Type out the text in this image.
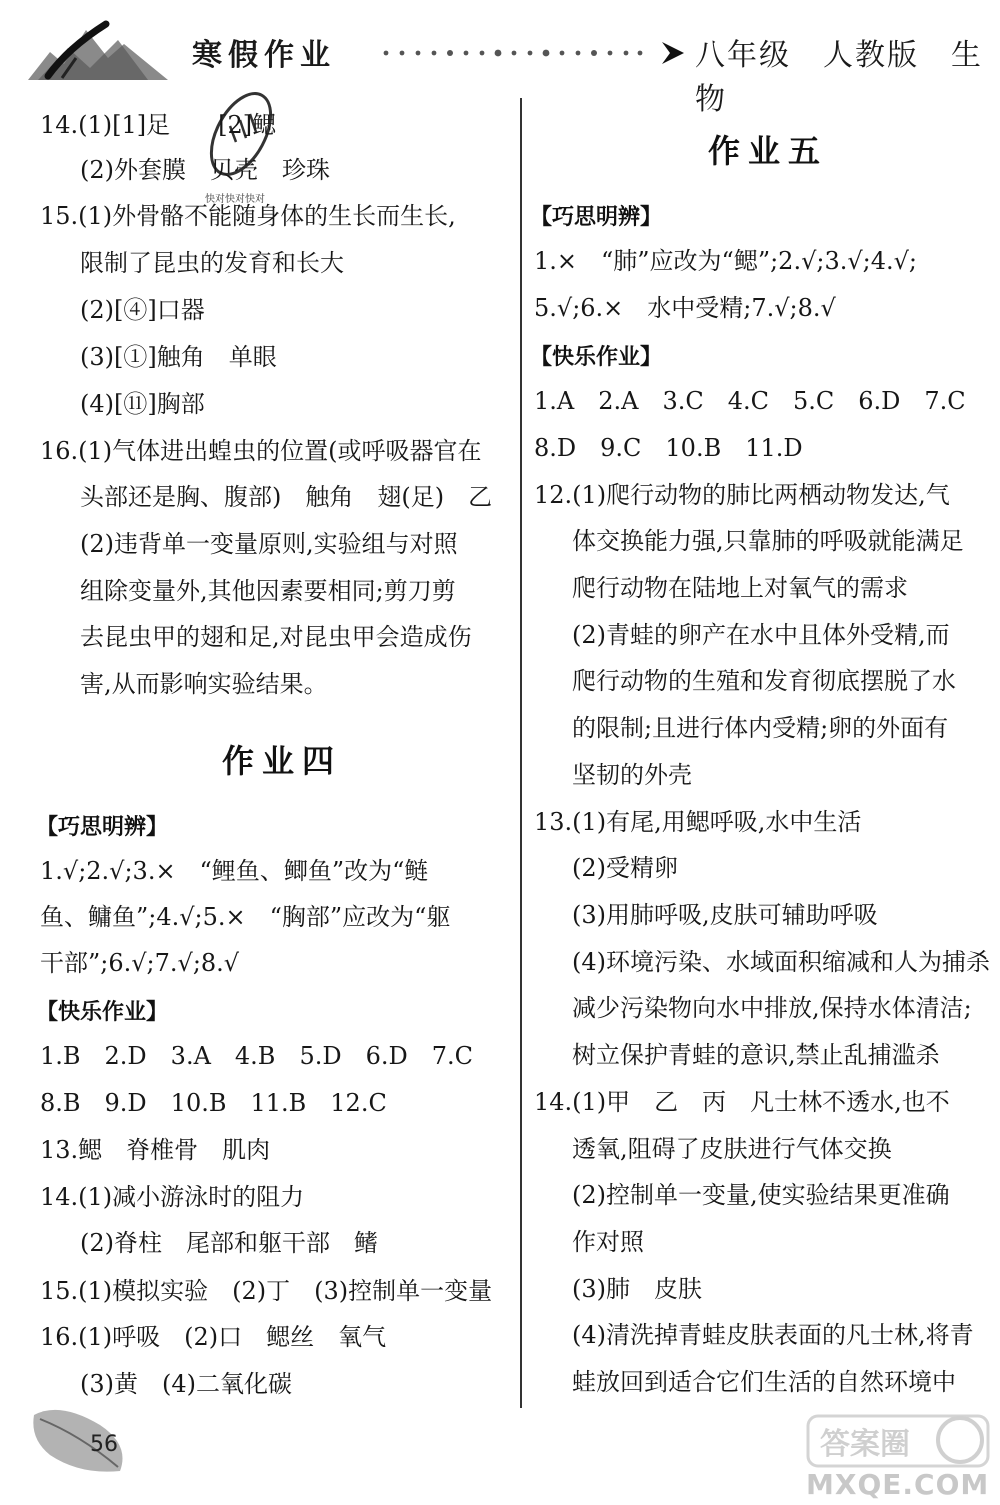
寒假作业	八年级　人教版　生物
快对快对快对
14.(1)[1]足　　[2]鳃
(2)外套膜　贝壳　珍珠
15.(1)外骨骼不能随身体的生长而生长,
限制了昆虫的发育和长大
(2)[④]口器
(3)[①]触角　单眼
(4)[⑪]胸部
16.(1)气体进出蝗虫的位置(或呼吸器官在
头部还是胸、腹部)　触角　翅(足)　乙
(2)违背单一变量原则,实验组与对照
组除变量外,其他因素要相同;剪刀剪
去昆虫甲的翅和足,对昆虫甲会造成伤
害,从而影响实验结果。
作业四
【巧思明辨】
1.√;2.√;3.×　“鲤鱼、鲫鱼”改为“鲢
鱼、鳙鱼”;4.√;5.×　“胸部”应改为“躯
干部”;6.√;7.√;8.√
【快乐作业】
1.B　2.D　3.A　4.B　5.D　6.D　7.C
8.B　9.D　10.B　11.B　12.C
13.鳃　脊椎骨　肌肉
14.(1)减小游泳时的阻力
(2)脊柱　尾部和躯干部　鳍
15.(1)模拟实验　(2)丁　(3)控制单一变量
16.(1)呼吸　(2)口　鳃丝　氧气
(3)黄　(4)二氧化碳
作业五
【巧思明辨】
1.×　“肺”应改为“鳃”;2.√;3.√;4.√;
5.√;6.×　水中受精;7.√;8.√
【快乐作业】
1.A　2.A　3.C　4.C　5.C　6.D　7.C
8.D　9.C　10.B　11.D
12.(1)爬行动物的肺比两栖动物发达,气
体交换能力强,只靠肺的呼吸就能满足
爬行动物在陆地上对氧气的需求
(2)青蛙的卵产在水中且体外受精,而
爬行动物的生殖和发育彻底摆脱了水
的限制;且进行体内受精;卵的外面有
坚韧的外壳
13.(1)有尾,用鳃呼吸,水中生活
(2)受精卵
(3)用肺呼吸,皮肤可辅助呼吸
(4)环境污染、水域面积缩减和人为捕杀
减少污染物向水中排放,保持水体清洁;
树立保护青蛙的意识,禁止乱捕滥杀
14.(1)甲　乙　丙　凡士林不透水,也不
透氧,阻碍了皮肤进行气体交换
(2)控制单一变量,使实验结果更准确
作对照
(3)肺　皮肤
(4)清洗掉青蛙皮肤表面的凡士林,将青
蛙放回到适合它们生活的自然环境中
56	答案圈
MXQE.COM
